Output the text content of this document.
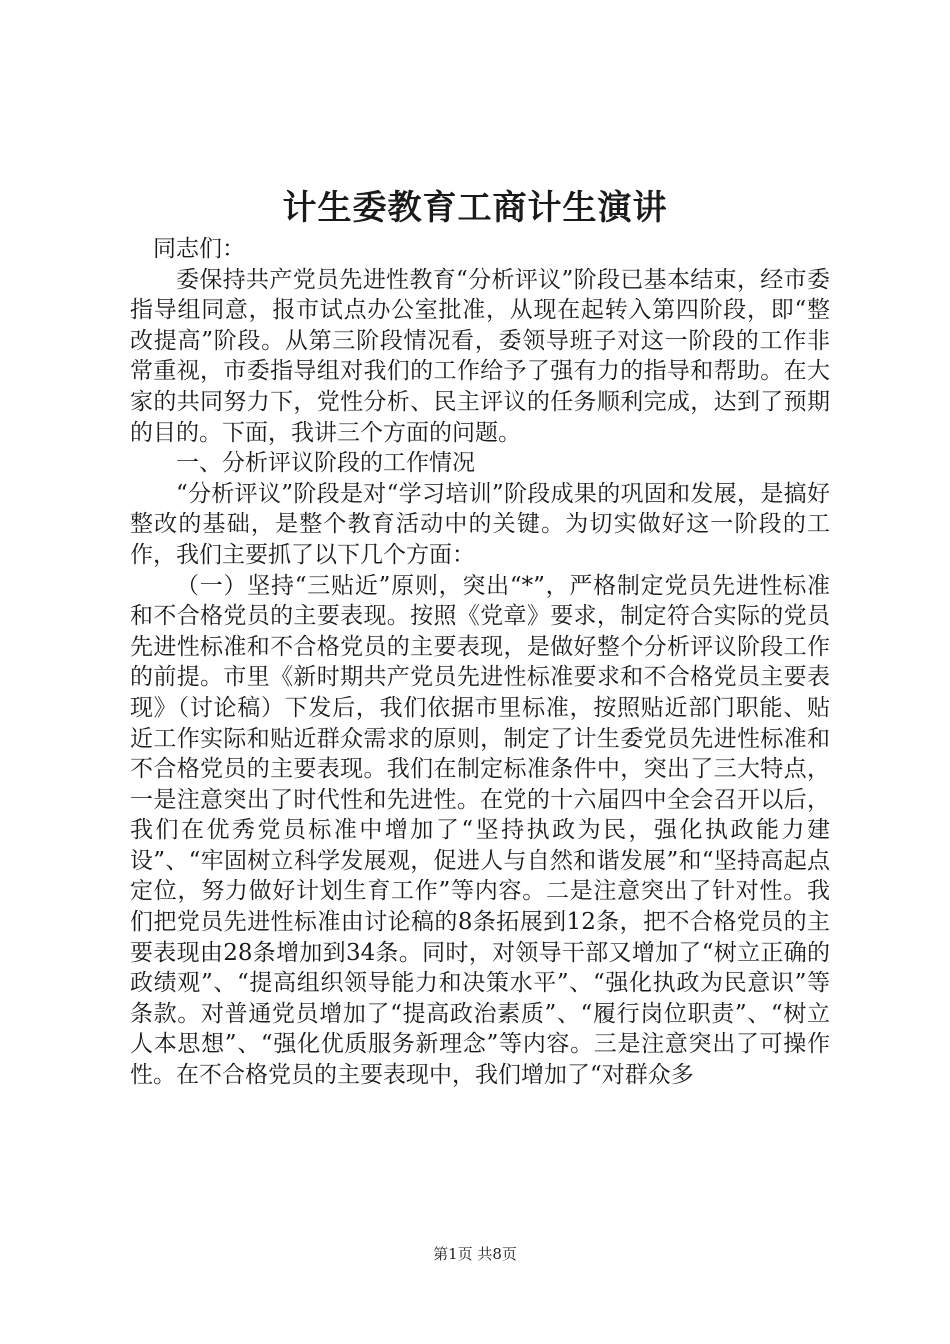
计生委教育工商计生演讲

同志们：

委保持共产党员先进性教育“分析评议”阶段已基本结束，经市委指导组同意，报市试点办公室批准，从现在起转入第四阶段，即“整改提高”阶段。从第三阶段情况看，委领导班子对这一阶段的工作非常重视，市委指导组对我们的工作给予了强有力的指导和帮助。在大家的共同努力下，党性分析、民主评议的任务顺利完成，达到了预期的目的。下面，我讲三个方面的问题。

一、分析评议阶段的工作情况

“分析评议”阶段是对“学习培训”阶段成果的巩固和发展，是搞好整改的基础，是整个教育活动中的关键。为切实做好这一阶段的工作，我们主要抓了以下几个方面：

（一）坚持“三贴近”原则，突出“*”，严格制定党员先进性标准和不合格党员的主要表现。按照《党章》要求，制定符合实际的党员先进性标准和不合格党员的主要表现，是做好整个分析评议阶段工作的前提。市里《新时期共产党员先进性标准要求和不合格党员主要表现》（讨论稿）下发后，我们依据市里标准，按照贴近部门职能、贴近工作实际和贴近群众需求的原则，制定了计生委党员先进性标准和不合格党员的主要表现。我们在制定标准条件中，突出了三大特点，一是注意突出了时代性和先进性。在党的十六届四中全会召开以后，我们在优秀党员标准中增加了“坚持执政为民，强化执政能力建设”、“牢固树立科学发展观，促进人与自然和谐发展”和“坚持高起点定位，努力做好计划生育工作”等内容。二是注意突出了针对性。我们把党员先进性标准由讨论稿的8条拓展到12条，把不合格党员的主要表现由28条增加到34条。同时，对领导干部又增加了“树立正确的政绩观”、“提高组织领导能力和决策水平”、“强化执政为民意识”等条款。对普通党员增加了“提高政治素质”、“履行岗位职责”、“树立人本思想”、“强化优质服务新理念”等内容。三是注意突出了可操作性。在不合格党员的主要表现中，我们增加了“对群众多

第1页 共8页
